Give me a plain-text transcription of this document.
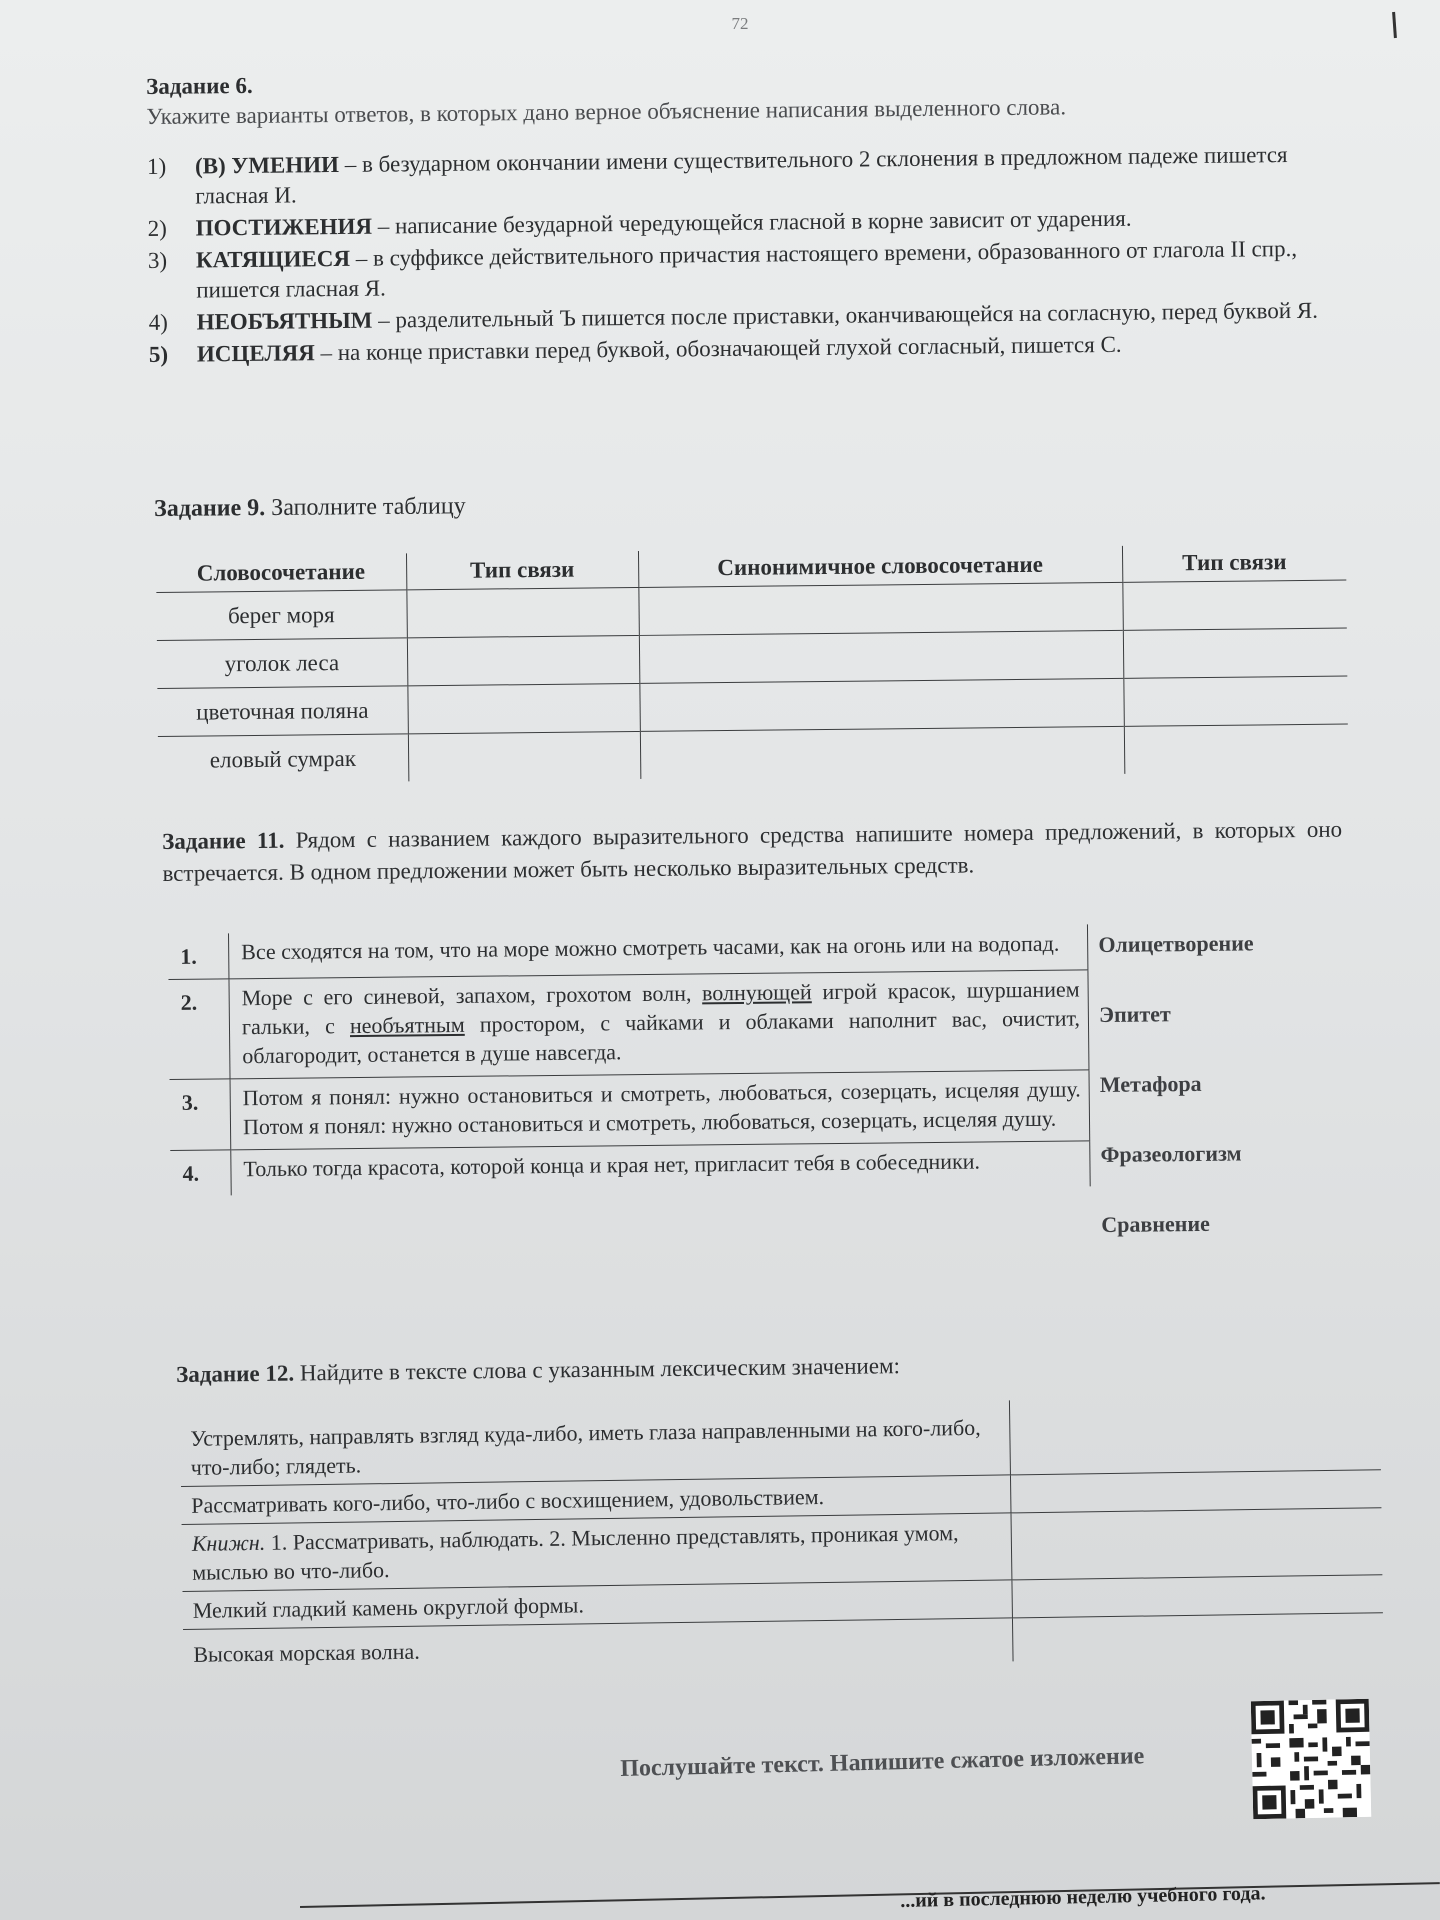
72
Задание 6.
Укажите варианты ответов, в которых дано верное объяснение написания выделенного слова.
1)	(В) УМЕНИИ – в безударном окончании имени существительного 2 склонения в предложном падеже пишется гласная И.
2)	ПОСТИЖЕНИЯ – написание безударной чередующейся гласной в корне зависит от ударения.
3)	КАТЯЩИЕСЯ – в суффиксе действительного причастия настоящего времени, образованного от глагола II спр., пишется гласная Я.
4)	НЕОБЪЯТНЫМ – разделительный Ъ пишется после приставки, оканчивающейся на согласную, перед буквой Я.
5)	ИСЦЕЛЯЯ – на конце приставки перед буквой, обозначающей глухой согласный, пишется С.
Задание 9. Заполните таблицу
Словосочетание	Тип связи	Синонимичное словосочетание	Тип связи
берег моря			
уголок леса			
цветочная поляна			
еловый сумрак			
Задание 11. Рядом с названием каждого выразительного средства напишите номера предложений, в которых оно встречается. В одном предложении может быть несколько выразительных средств.
1.	Все сходятся на том, что на море можно смотреть часами, как на огонь или на водопад.
2.	Море с его синевой, запахом, грохотом волн, волнующей игрой красок, шуршанием гальки, с необъятным простором, с чайками и облаками наполнит вас, очистит, облагородит, останется в душе навсегда.
3.	Потом я понял: нужно остановиться и смотреть, любоваться, созерцать, исцеляя душу. Потом я понял: нужно остановиться и смотреть, любоваться, созерцать, исцеляя душу.
4.	Только тогда красота, которой конца и края нет, пригласит тебя в собеседники.
Олицетворение
Эпитет
Метафора
Фразеологизм
Сравнение
Задание 12. Найдите в тексте слова с указанным лексическим значением:
Устремлять, направлять взгляд куда-либо, иметь глаза направленными на кого-либо, что-либо; глядеть.	
Рассматривать кого-либо, что-либо с восхищением, удовольствием.	
Книжн. 1. Рассматривать, наблюдать. 2. Мысленно представлять, проникая умом, мыслью во что-либо.	
Мелкий гладкий камень округлой формы.	
Высокая морская волна.	
Послушайте текст. Напишите сжатое изложение
...ий в последнюю неделю учебного года.
